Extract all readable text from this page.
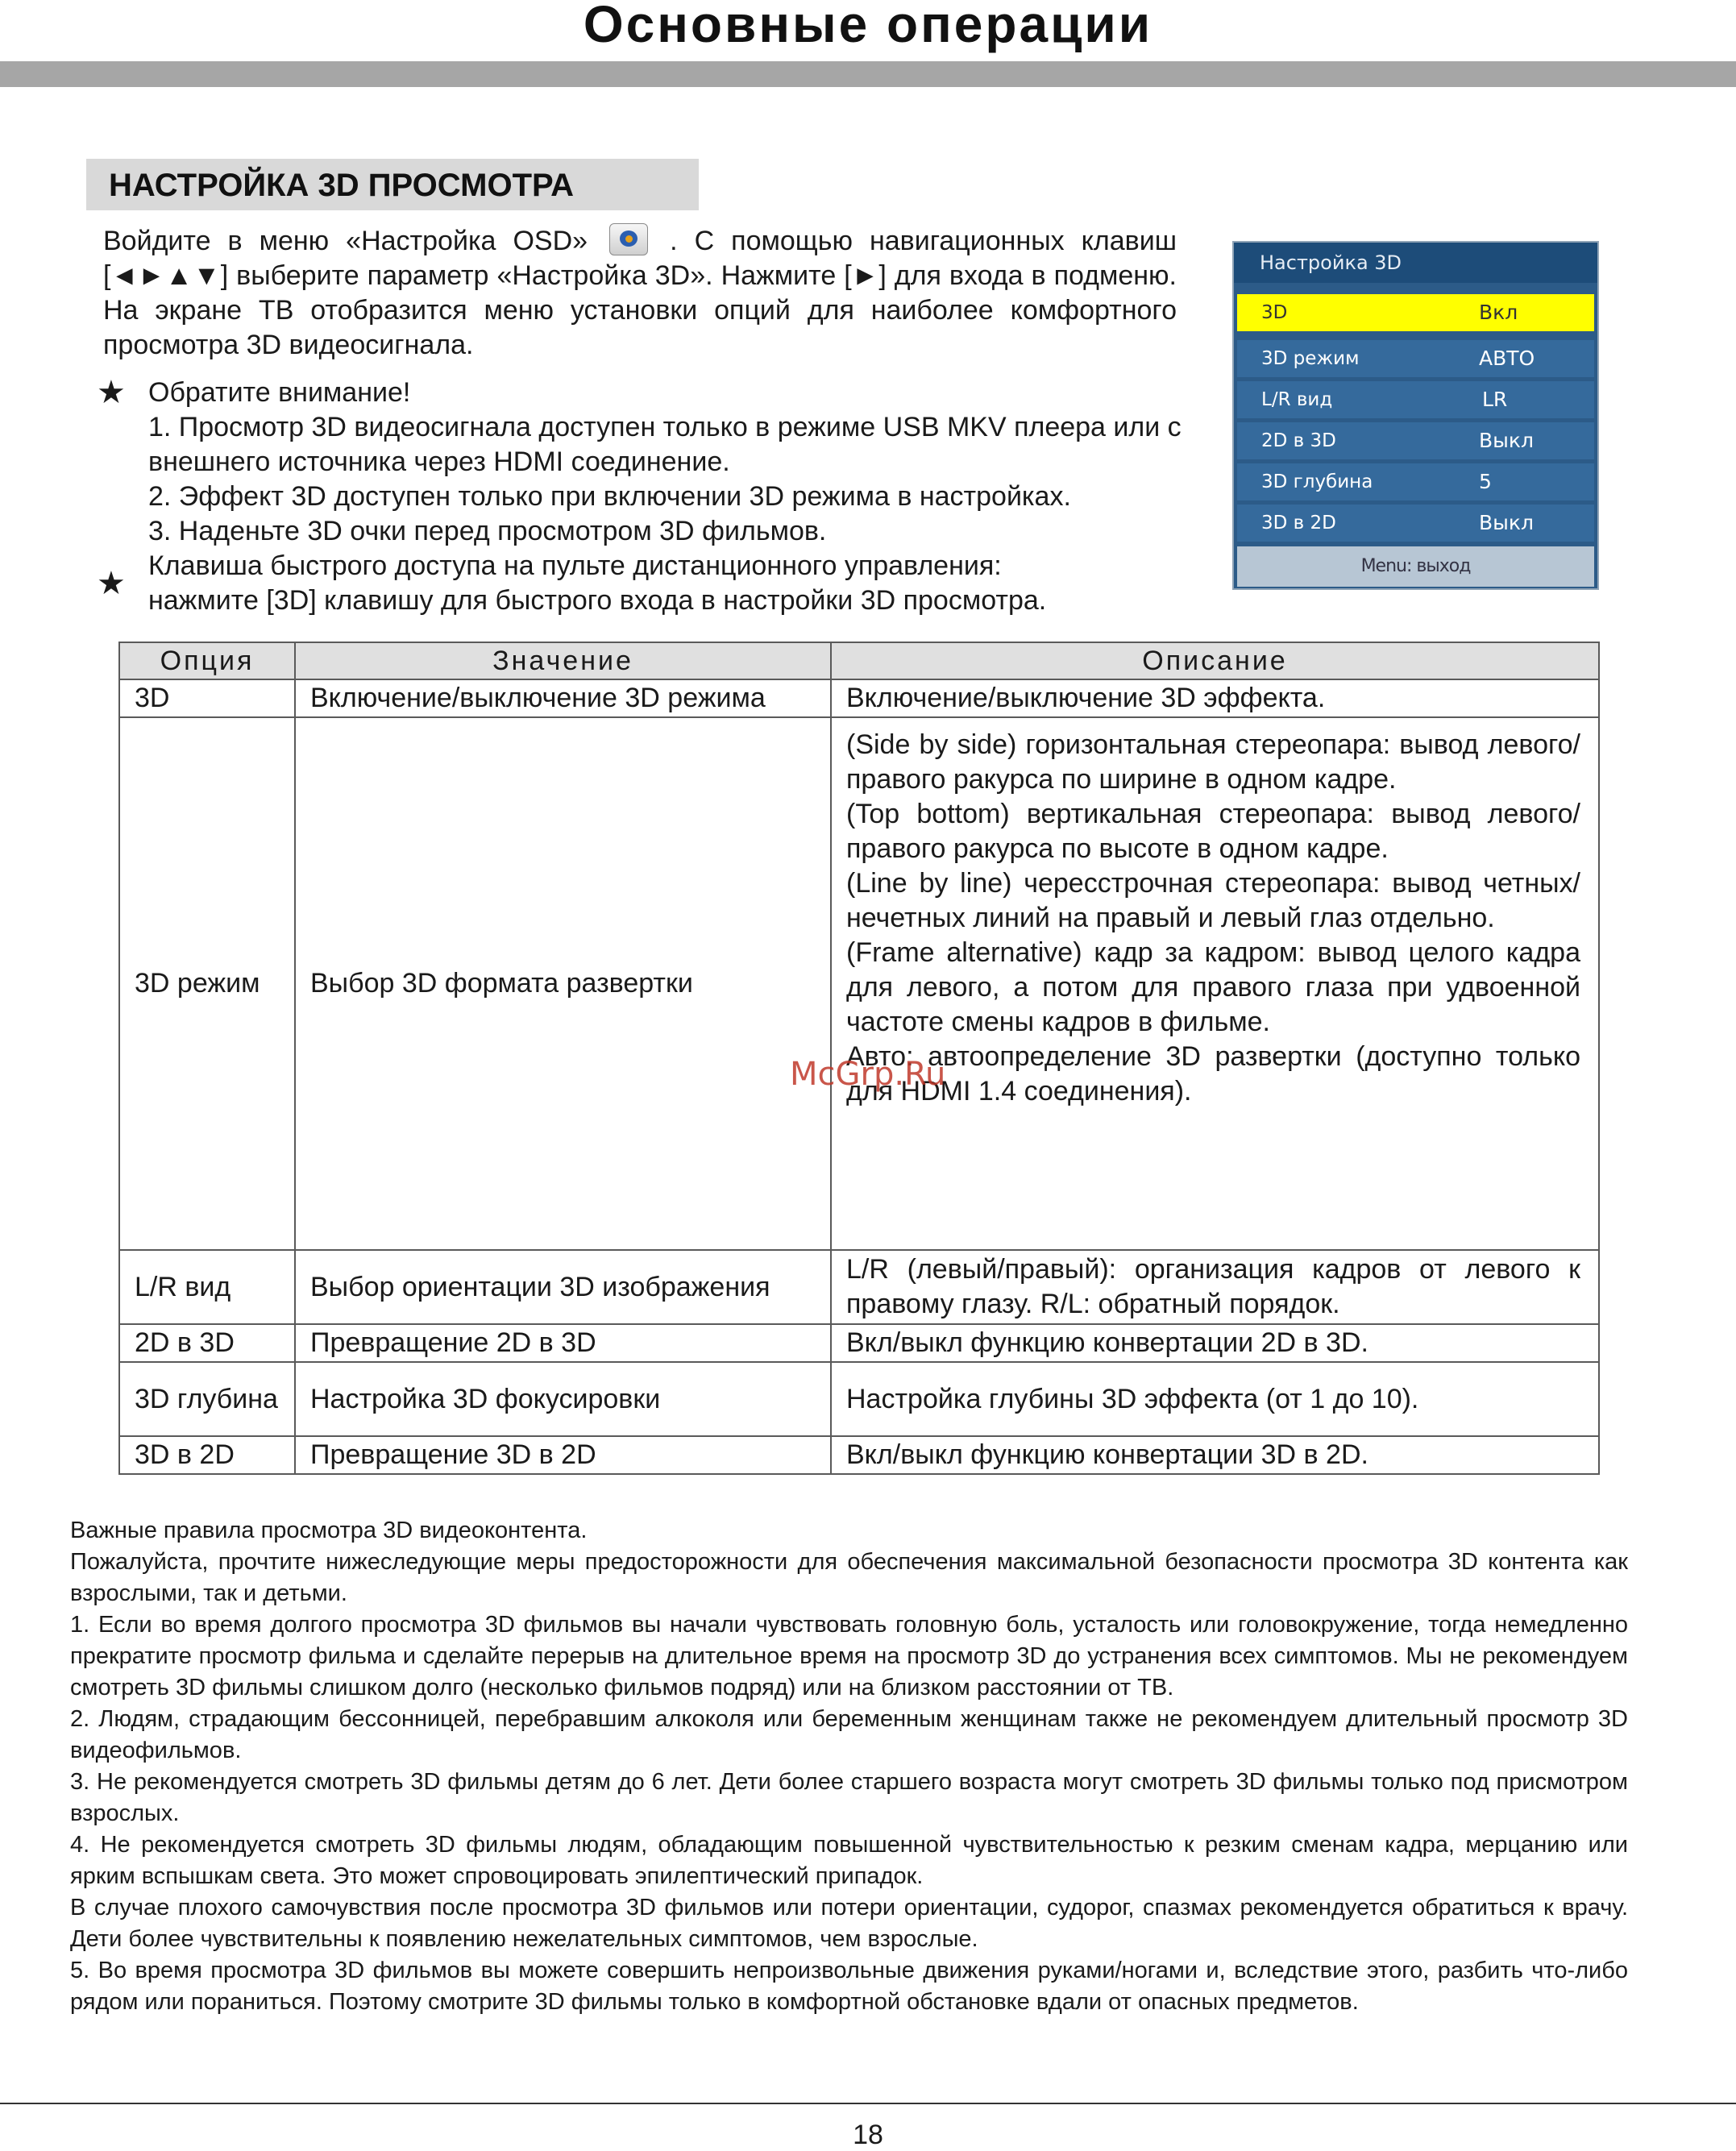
Основные операции
НАСТРОЙКА 3D ПРОСМОТРА
Войдите в меню «Настройка OSD»	. С помощью навигационных клавиш [◄►▲▼] выберите параметр «Настройка 3D». Нажмите [►] для входа в подменю. На экране ТВ отобразится меню установки опций для наиболее комфортного просмотра 3D видеосигнала.
★ Обратите внимание!
1. Просмотр 3D видеосигнала доступен только в режиме USB MKV плеера или с внешнего источника через HDMI соединение.
2. Эффект 3D доступен только при включении 3D режима в настройках.
3. Наденьте 3D очки перед просмотром 3D фильмов.
★ Клавиша быстрого доступа на пульте дистанционного управления:
нажмите [3D] клавишу для быстрого входа в настройки 3D просмотра.
Настройка 3D
3D	Вкл
3D режим	АВТО
L/R вид	LR
2D в 3D	Выкл
3D глубина	5
3D в 2D	Выкл
Menu: выход
Опция	Значение	Описание
3D	Включение/выключение 3D режима	Включение/выключение 3D эффекта.
3D режим	Выбор 3D формата развертки	(Side by side) горизонтальная стереопара: вывод левого/правого ракурса по ширине в одном кадре.
(Top bottom) вертикальная стереопара: вывод левого/правого ракурса по высоте в одном кадре.
(Line by line) чересстрочная стереопара: вывод четных/нечетных линий на правый и левый глаз отдельно.
(Frame alternative) кадр за кадром: вывод целого кадра для левого, а потом для правого глаза при удвоенной частоте смены кадров в фильме.
Авто: автоопределение 3D развертки (доступно только для HDMI 1.4 соединения).

L/R вид	Выбор ориентации 3D изображения	L/R (левый/правый): организация кадров от левого к правому глазу. R/L: обратный порядок.
2D в 3D	Превращение 2D в 3D	Вкл/выкл функцию конвертации 2D в 3D.
3D глубина	Настройка 3D фокусировки	Настройка глубины 3D эффекта (от 1 до 10).
3D в 2D	Превращение 3D в 2D	Вкл/выкл функцию конвертации 3D в 2D.
McGrp.Ru

Важные правила просмотра 3D видеоконтента.

Пожалуйста, прочтите нижеследующие меры предосторожности для обеспечения максимальной безопасности просмотра 3D контента как взрослыми, так и детьми.

1. Если во время долгого просмотра 3D фильмов вы начали чувствовать головную боль, усталость или головокружение, тогда немедленно прекратите просмотр фильма и сделайте перерыв на длительное время на просмотр 3D до устранения всех симптомов. Мы не рекомендуем смотреть 3D фильмы слишком долго (несколько фильмов подряд) или на близком расстоянии от ТВ.

2. Людям, страдающим бессонницей, перебравшим алкоколя или беременным женщинам также не рекомендуем длительный просмотр 3D видеофильмов.

3. Не рекомендуется смотреть 3D фильмы детям до 6 лет. Дети более старшего возраста могут смотреть 3D фильмы только под присмотром взрослых.

4. Не рекомендуется смотреть 3D фильмы людям, обладающим повышенной чувствительностью к резким сменам кадра, мерцанию или ярким вспышкам света. Это может спровоцировать эпилептический припадок.

В случае плохого самочувствия после просмотра 3D фильмов или потери ориентации, судорог, спазмах рекомендуется обратиться к врачу. Дети более чувствительны к появлению нежелательных симптомов, чем взрослые.

5. Во время просмотра 3D фильмов вы можете совершить непроизвольные движения руками/ногами и, вследствие этого, разбить что-либо рядом или пораниться. Поэтому смотрите 3D фильмы только в комфортной обстановке вдали от опасных предметов.

18
